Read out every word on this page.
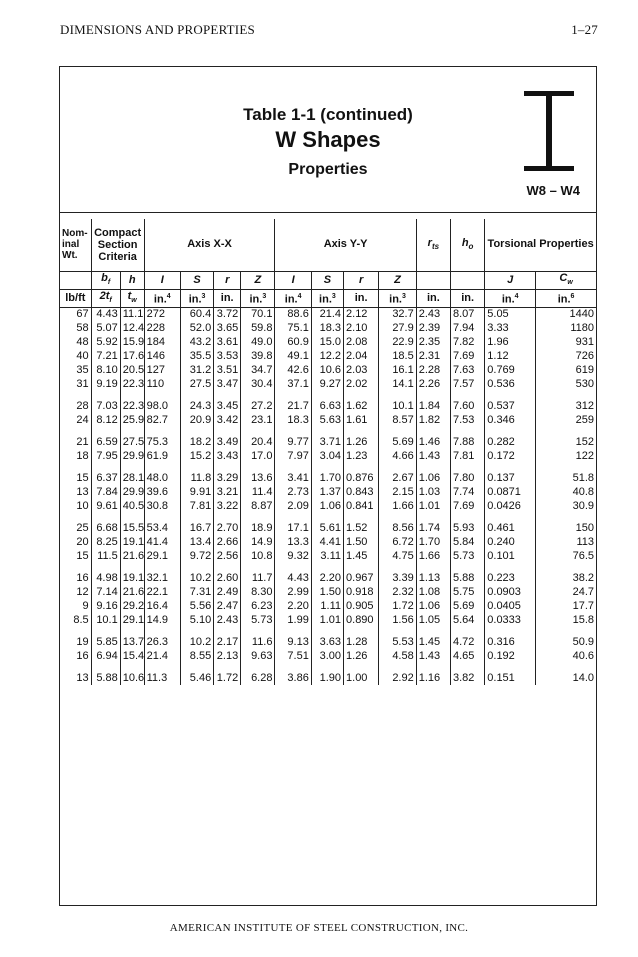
DIMENSIONS AND PROPERTIES	1–27
Table 1-1 (continued)
W Shapes
Properties
W8 – W4
Nom-
inal
Wt.	Compact Section Criteria		Axis X-X				Axis Y-Y				$r_{ts}$	$h_o$	Torsional Properties	
	$b_f$	h	I	S	r	Z	I	S	r	Z			J	$C_w$
lb/ft	$2t_f$	$t_w$	in.$^4$	in.$^3$	in.	in.$^3$	in.$^4$	in.$^3$	in.	in.$^3$	in.	in.	in.$^4$	in.$^6$
67	4.43	11.1	272	60.4	3.72	70.1	88.6	21.4	2.12	32.7	2.43	8.07	5.05	1440
58	5.07	12.4	228	52.0	3.65	59.8	75.1	18.3	2.10	27.9	2.39	7.94	3.33	1180
48	5.92	15.9	184	43.2	3.61	49.0	60.9	15.0	2.08	22.9	2.35	7.82	1.96	931
40	7.21	17.6	146	35.5	3.53	39.8	49.1	12.2	2.04	18.5	2.31	7.69	1.12	726
35	8.10	20.5	127	31.2	3.51	34.7	42.6	10.6	2.03	16.1	2.28	7.63	0.769	619
31	9.19	22.3	110	27.5	3.47	30.4	37.1	9.27	2.02	14.1	2.26	7.57	0.536	530

28	7.03	22.3	98.0	24.3	3.45	27.2	21.7	6.63	1.62	10.1	1.84	7.60	0.537	312
24	8.12	25.9	82.7	20.9	3.42	23.1	18.3	5.63	1.61	8.57	1.82	7.53	0.346	259

21	6.59	27.5	75.3	18.2	3.49	20.4	9.77	3.71	1.26	5.69	1.46	7.88	0.282	152
18	7.95	29.9	61.9	15.2	3.43	17.0	7.97	3.04	1.23	4.66	1.43	7.81	0.172	122

15	6.37	28.1	48.0	11.8	3.29	13.6	3.41	1.70	0.876	2.67	1.06	7.80	0.137	51.8
13	7.84	29.9	39.6	9.91	3.21	11.4	2.73	1.37	0.843	2.15	1.03	7.74	0.0871	40.8
10	9.61	40.5	30.8	7.81	3.22	8.87	2.09	1.06	0.841	1.66	1.01	7.69	0.0426	30.9

25	6.68	15.5	53.4	16.7	2.70	18.9	17.1	5.61	1.52	8.56	1.74	5.93	0.461	150
20	8.25	19.1	41.4	13.4	2.66	14.9	13.3	4.41	1.50	6.72	1.70	5.84	0.240	113
15	11.5	21.6	29.1	9.72	2.56	10.8	9.32	3.11	1.45	4.75	1.66	5.73	0.101	76.5

16	4.98	19.1	32.1	10.2	2.60	11.7	4.43	2.20	0.967	3.39	1.13	5.88	0.223	38.2
12	7.14	21.6	22.1	7.31	2.49	8.30	2.99	1.50	0.918	2.32	1.08	5.75	0.0903	24.7
9	9.16	29.2	16.4	5.56	2.47	6.23	2.20	1.11	0.905	1.72	1.06	5.69	0.0405	17.7
8.5	10.1	29.1	14.9	5.10	2.43	5.73	1.99	1.01	0.890	1.56	1.05	5.64	0.0333	15.8

19	5.85	13.7	26.3	10.2	2.17	11.6	9.13	3.63	1.28	5.53	1.45	4.72	0.316	50.9
16	6.94	15.4	21.4	8.55	2.13	9.63	7.51	3.00	1.26	4.58	1.43	4.65	0.192	40.6

13	5.88	10.6	11.3	5.46	1.72	6.28	3.86	1.90	1.00	2.92	1.16	3.82	0.151	14.0
AMERICAN INSTITUTE OF STEEL CONSTRUCTION, INC.
